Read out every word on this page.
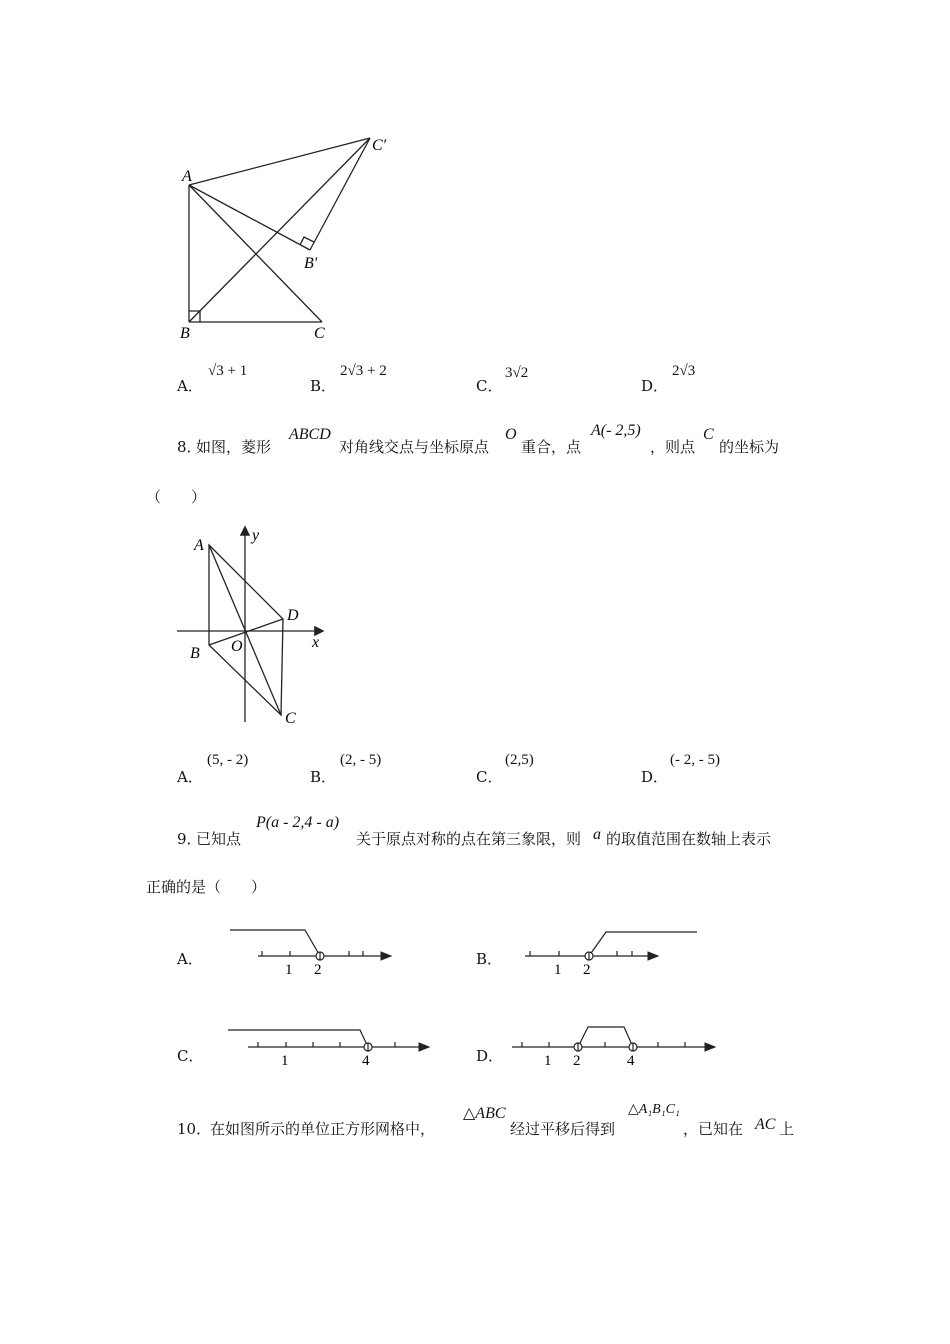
A
B	C
B′
C′
A．
√3 + 1
B．
2√3 + 2
C．
3√2
D．
2√3
8．
如图，菱形
ABCD
对角线交点与坐标原点
O
重合，点
A(- 2,5)
，则点
C
的坐标为
（　　）
A
y
D
x
O
B
C
A．
(5, - 2)
B．
(2, - 5)
C．
(2,5)
D．
(- 2, - 5)
9．
已知点
P(a - 2,4 - a)
关于原点对称的点在第三象限，则 a 的取值范围在数轴上表示
正确的是（　　）
A．	B．
C．	D．
1 2	1 2
1	4	1 2	4
10．
在如图所示的单位正方形网格中，
△ABC
经过平移后得到
△A₁B₁C₁
，已知在 AC 上
